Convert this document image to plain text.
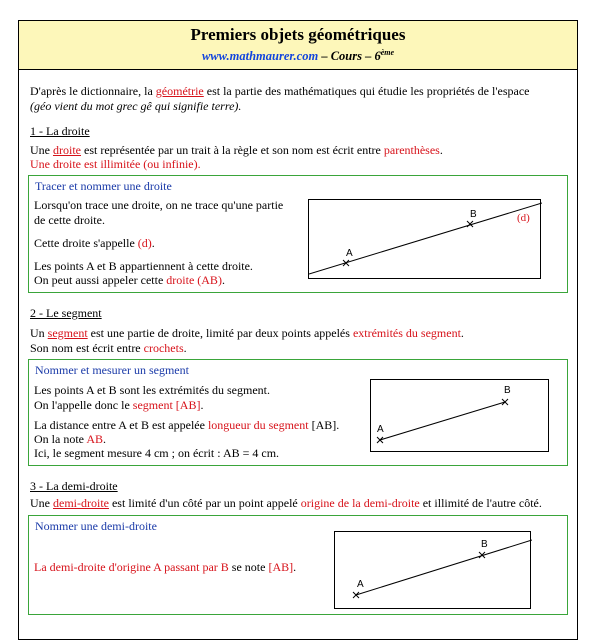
Premiers objets géométriques
www.mathmaurer.com – Cours – 6ème
D'après le dictionnaire, la géométrie est la partie des mathématiques qui étudie les propriétés de l'espace
(géo vient du mot grec gê qui signifie terre).
1 - La droite
Une droite est représentée par un trait à la règle et son nom est écrit entre parenthèses.
Une droite est illimitée (ou infinie).
Tracer et nommer une droite
Lorsqu'on trace une droite, on ne trace qu'une partie
de cette droite.
Cette droite s'appelle (d).
Les points A et B appartiennent à cette droite.
On peut aussi appeler cette droite (AB).
A
B	(d)
2 - Le segment
Un segment est une partie de droite, limité par deux points appelés extrémités du segment.
Son nom est écrit entre crochets.
Nommer et mesurer un segment
Les points A et B sont les extrémités du segment.
On l'appelle donc le segment [AB].
La distance entre A et B est appelée longueur du segment [AB].
On la note AB.
Ici, le segment mesure 4 cm ; on écrit : AB = 4 cm.
A
B
3 - La demi-droite
Une demi-droite est limité d'un côté par un point appelé origine de la demi-droite et illimité de l'autre côté.
Nommer une demi-droite
La demi-droite d'origine A passant par B se note [AB].
A
B
